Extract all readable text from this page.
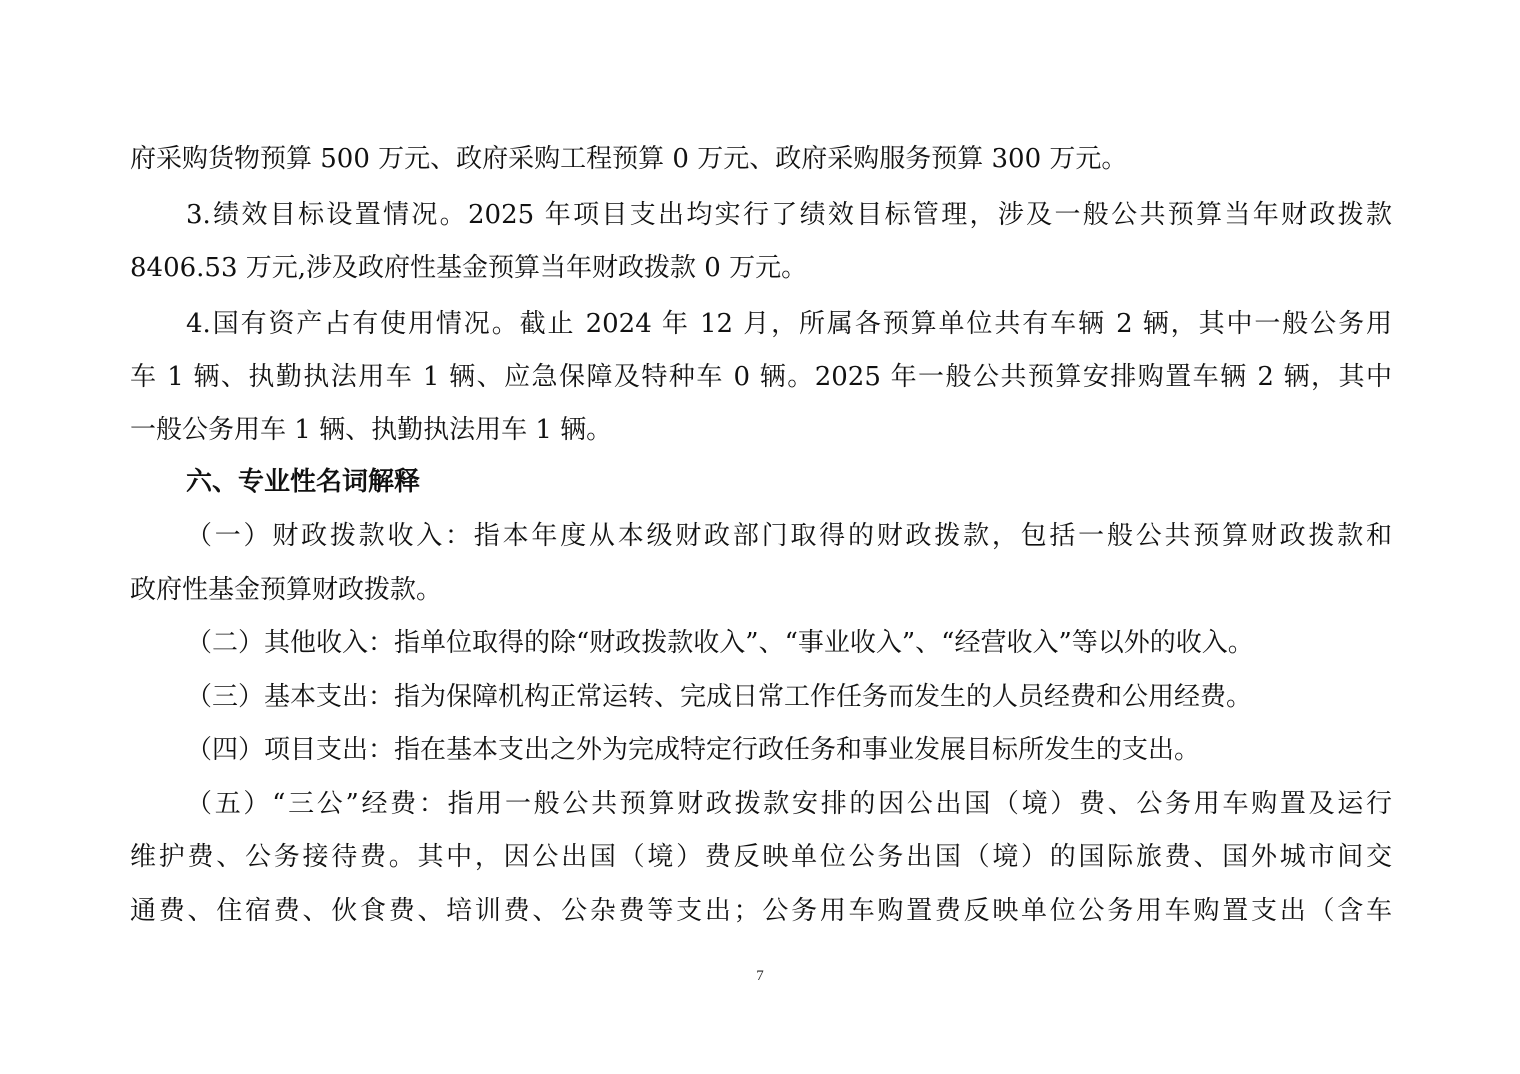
府采购货物预算 500 万元、政府采购工程预算 0 万元、政府采购服务预算 300 万元。
3.绩效目标设置情况。2025 年项目支出均实行了绩效目标管理，涉及一般公共预算当年财政拨款
8406.53 万元,涉及政府性基金预算当年财政拨款 0 万元。
4.国有资产占有使用情况。截止 2024 年 12 月，所属各预算单位共有车辆 2 辆，其中一般公务用
车 1 辆、执勤执法用车 1 辆、应急保障及特种车 0 辆。2025 年一般公共预算安排购置车辆 2 辆，其中
一般公务用车 1 辆、执勤执法用车 1 辆。
六、专业性名词解释
（一）财政拨款收入：指本年度从本级财政部门取得的财政拨款，包括一般公共预算财政拨款和
政府性基金预算财政拨款。
（二）其他收入：指单位取得的除“财政拨款收入”、“事业收入”、“经营收入”等以外的收入。
（三）基本支出：指为保障机构正常运转、完成日常工作任务而发生的人员经费和公用经费。
（四）项目支出：指在基本支出之外为完成特定行政任务和事业发展目标所发生的支出。
（五）“三公”经费：指用一般公共预算财政拨款安排的因公出国（境）费、公务用车购置及运行
维护费、公务接待费。其中，因公出国（境）费反映单位公务出国（境）的国际旅费、国外城市间交
通费、住宿费、伙食费、培训费、公杂费等支出；公务用车购置费反映单位公务用车购置支出（含车
7
